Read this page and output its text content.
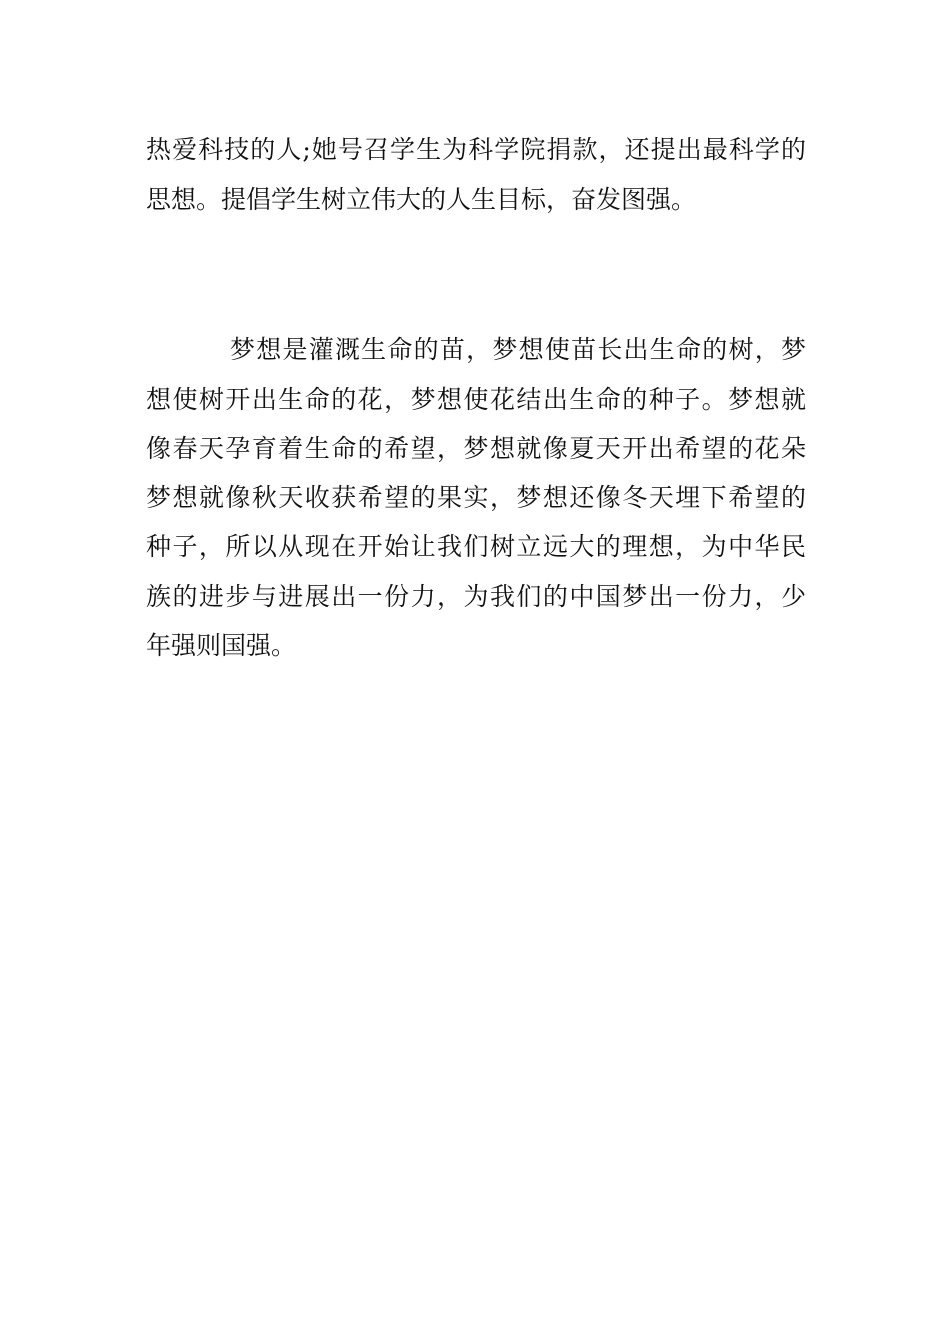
热爱科技的人;她号召学生为科学院捐款，还提出最科学的

思想。提倡学生树立伟大的人生目标，奋发图强。

梦想是灌溉生命的苗，梦想使苗长出生命的树，梦

想使树开出生命的花，梦想使花结出生命的种子。梦想就

像春天孕育着生命的希望，梦想就像夏天开出希望的花朵

梦想就像秋天收获希望的果实，梦想还像冬天埋下希望的

种子，所以从现在开始让我们树立远大的理想，为中华民

族的进步与进展出一份力，为我们的中国梦出一份力，少

年强则国强。
